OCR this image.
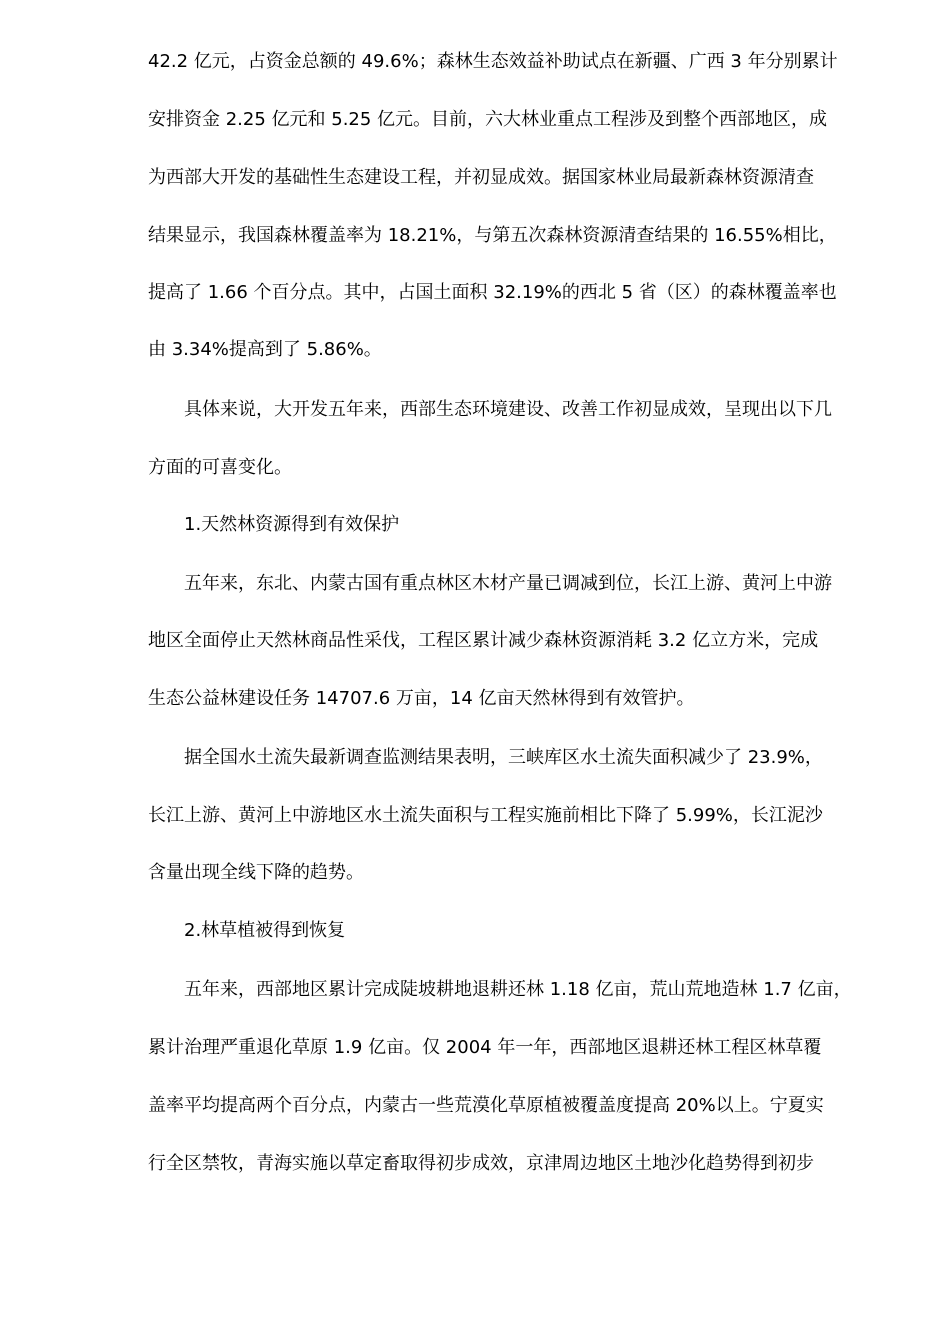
42.2 亿元，占资金总额的 49.6%；森林生态效益补助试点在新疆、广西 3 年分别累计
安排资金 2.25 亿元和 5.25 亿元。目前，六大林业重点工程涉及到整个西部地区，成
为西部大开发的基础性生态建设工程，并初显成效。据国家林业局最新森林资源清查
结果显示，我国森林覆盖率为 18.21%，与第五次森林资源清查结果的 16.55%相比，
提高了 1.66 个百分点。其中，占国土面积 32.19%的西北 5 省（区）的森林覆盖率也
由 3.34%提高到了 5.86%。
具体来说，大开发五年来，西部生态环境建设、改善工作初显成效，呈现出以下几
方面的可喜变化。
1.天然林资源得到有效保护
五年来，东北、内蒙古国有重点林区木材产量已调减到位，长江上游、黄河上中游
地区全面停止天然林商品性采伐，工程区累计减少森林资源消耗 3.2 亿立方米，完成
生态公益林建设任务 14707.6 万亩，14 亿亩天然林得到有效管护。
据全国水土流失最新调查监测结果表明，三峡库区水土流失面积减少了 23.9%，
长江上游、黄河上中游地区水土流失面积与工程实施前相比下降了 5.99%，长江泥沙
含量出现全线下降的趋势。
2.林草植被得到恢复
五年来，西部地区累计完成陡坡耕地退耕还林 1.18 亿亩，荒山荒地造林 1.7 亿亩，
累计治理严重退化草原 1.9 亿亩。仅 2004 年一年，西部地区退耕还林工程区林草覆
盖率平均提高两个百分点，内蒙古一些荒漠化草原植被覆盖度提高 20%以上。宁夏实
行全区禁牧，青海实施以草定畜取得初步成效，京津周边地区土地沙化趋势得到初步
